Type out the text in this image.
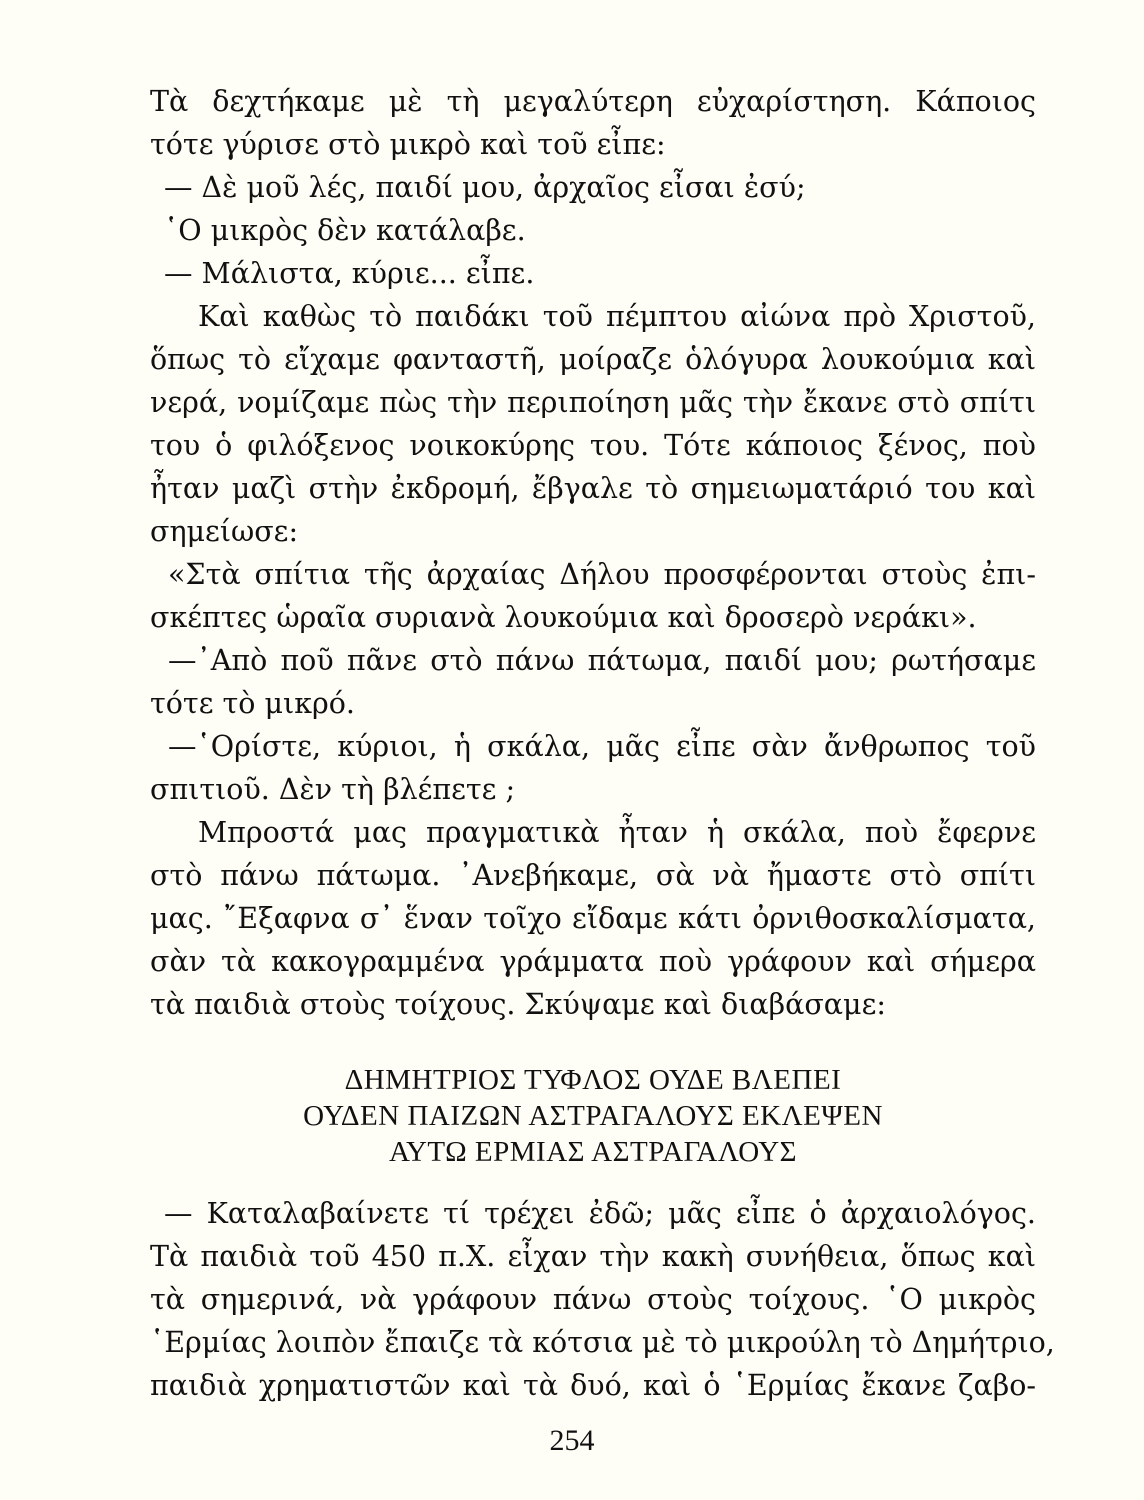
Τὰ δεχτήκαμε μὲ τὴ μεγαλύτερη εὐχαρίστηση. Κάποιος
τότε γύρισε στὸ μικρὸ καὶ τοῦ εἶπε:
— Δὲ μοῦ λές, παιδί μου, ἀρχαῖος εἶσαι ἐσύ;
῾Ο μικρὸς δὲν κατάλαβε.
— Μάλιστα, κύριε... εἶπε.
Καὶ καθὼς τὸ παιδάκι τοῦ πέμπτου αἰώνα πρὸ Χριστοῦ,
ὅπως τὸ εἴχαμε φανταστῆ, μοίραζε ὁλόγυρα λουκούμια καὶ
νερά, νομίζαμε πὼς τὴν περιποίηση μᾶς τὴν ἔκανε στὸ σπίτι
του ὁ φιλόξενος νοικοκύρης του. Τότε κάποιος ξένος, ποὺ
ἦταν μαζὶ στὴν ἐκδρομή, ἔβγαλε τὸ σημειωματάριό του καὶ
σημείωσε:
«Στὰ σπίτια τῆς ἀρχαίας Δήλου προσφέρονται στοὺς ἐπι-
σκέπτες ὡραῖα συριανὰ λουκούμια καὶ δροσερὸ νεράκι».
—᾿Απὸ ποῦ πᾶνε στὸ πάνω πάτωμα, παιδί μου; ρωτήσαμε
τότε τὸ μικρό.
—῾Ορίστε, κύριοι, ἡ σκάλα, μᾶς εἶπε σὰν ἄνθρωπος τοῦ
σπιτιοῦ. Δὲν τὴ βλέπετε ;
Μπροστά μας πραγματικὰ ἦταν ἡ σκάλα, ποὺ ἔφερνε
στὸ πάνω πάτωμα. ᾿Ανεβήκαμε, σὰ νὰ ἤμαστε στὸ σπίτι
μας. ῎Εξαφνα σ᾿ ἕναν τοῖχο εἴδαμε κάτι ὀρνιθοσκαλίσματα,
σὰν τὰ κακογραμμένα γράμματα ποὺ γράφουν καὶ σήμερα
τὰ παιδιὰ στοὺς τοίχους. Σκύψαμε καὶ διαβάσαμε:
ΔΗΜΗΤΡΙΟΣ ΤΥΦΛΟΣ ΟΥΔΕ ΒΛΕΠΕΙ
ΟΥΔΕΝ ΠΑΙΖΩΝ ΑΣΤΡΑΓΑΛΟΥΣ ΕΚΛΕΨΕΝ
ΑΥΤΩ ΕΡΜΙΑΣ ΑΣΤΡΑΓΑΛΟΥΣ
— Καταλαβαίνετε τί τρέχει ἐδῶ; μᾶς εἶπε ὁ ἀρχαιολόγος.
Τὰ παιδιὰ τοῦ 450 π.Χ. εἶχαν τὴν κακὴ συνήθεια, ὅπως καὶ
τὰ σημερινά, νὰ γράφουν πάνω στοὺς τοίχους. ῾Ο μικρὸς
῾Ερμίας λοιπὸν ἔπαιζε τὰ κότσια μὲ τὸ μικρούλη τὸ Δημήτριο,
παιδιὰ χρηματιστῶν καὶ τὰ δυό, καὶ ὁ ῾Ερμίας ἔκανε ζαβο-
254
